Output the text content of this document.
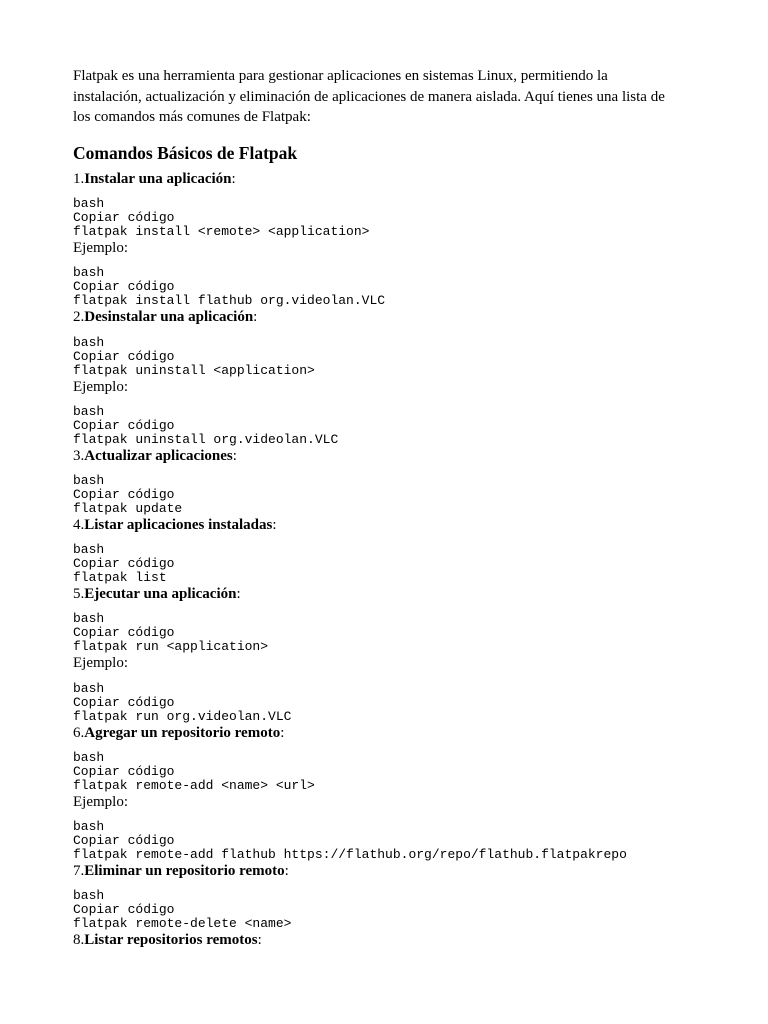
Flatpak es una herramienta para gestionar aplicaciones en sistemas Linux, permitiendo la
instalación, actualización y eliminación de aplicaciones de manera aislada. Aquí tienes una lista de
los comandos más comunes de Flatpak:
Comandos Básicos de Flatpak
1.Instalar una aplicación:
bash
Copiar código
flatpak install <remote> <application>
Ejemplo:
bash
Copiar código
flatpak install flathub org.videolan.VLC
2.Desinstalar una aplicación:
bash
Copiar código
flatpak uninstall <application>
Ejemplo:
bash
Copiar código
flatpak uninstall org.videolan.VLC
3.Actualizar aplicaciones:
bash
Copiar código
flatpak update
4.Listar aplicaciones instaladas:
bash
Copiar código
flatpak list
5.Ejecutar una aplicación:
bash
Copiar código
flatpak run <application>
Ejemplo:
bash
Copiar código
flatpak run org.videolan.VLC
6.Agregar un repositorio remoto:
bash
Copiar código
flatpak remote-add <name> <url>
Ejemplo:
bash
Copiar código
flatpak remote-add flathub https://flathub.org/repo/flathub.flatpakrepo
7.Eliminar un repositorio remoto:
bash
Copiar código
flatpak remote-delete <name>
8.Listar repositorios remotos:
